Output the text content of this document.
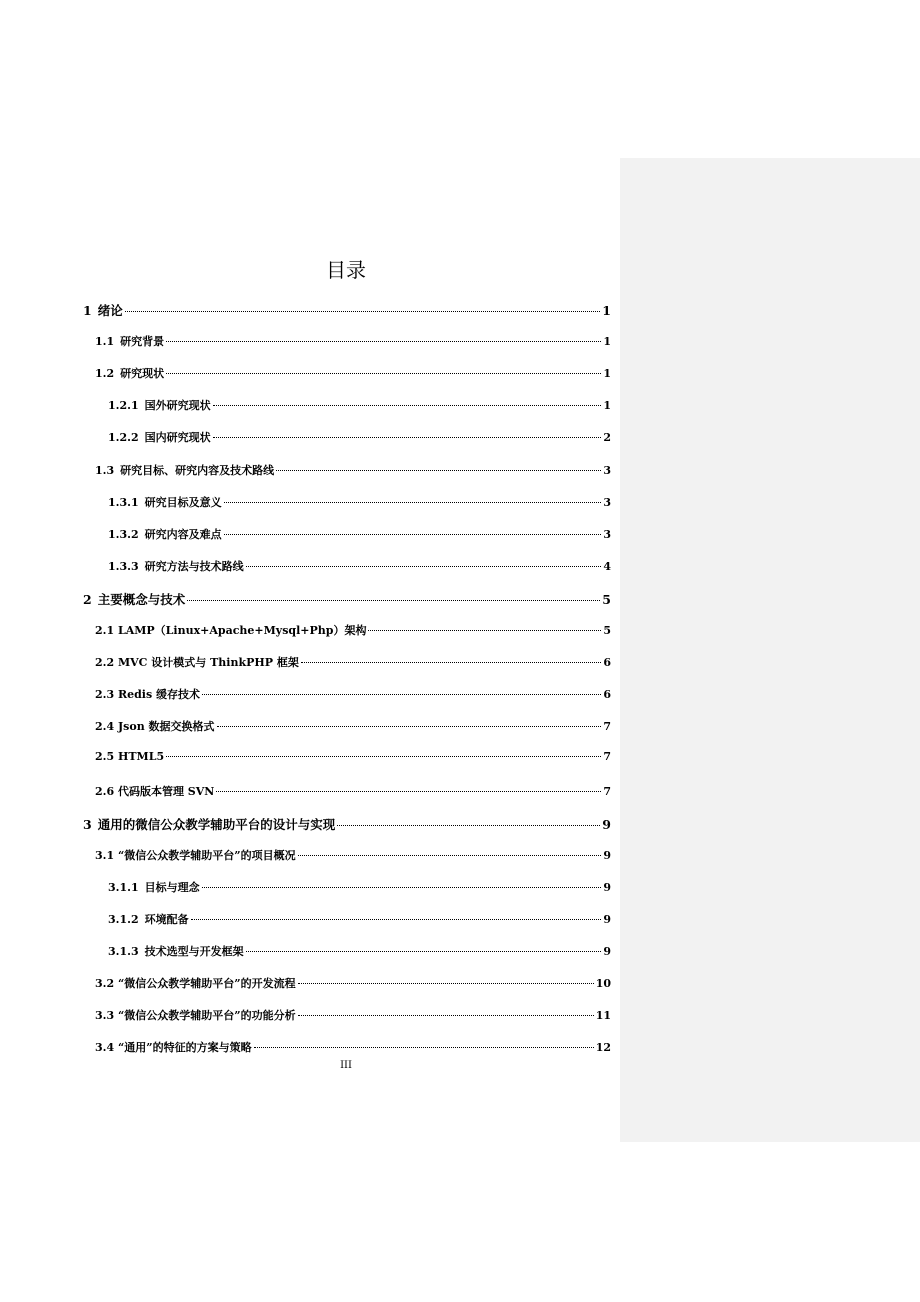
目录
1 绪论	1
1.1 研究背景	1
1.2 研究现状	1
1.2.1 国外研究现状	1
1.2.2 国内研究现状	2
1.3 研究目标、研究内容及技术路线	3
1.3.1 研究目标及意义	3
1.3.2 研究内容及难点	3
1.3.3 研究方法与技术路线	4
2 主要概念与技术	5
2.1 LAMP（Linux+Apache+Mysql+Php）架构	5
2.2 MVC 设计模式与 ThinkPHP 框架	6
2.3 Redis 缓存技术	6
2.4 Json 数据交换格式	7
2.5 HTML5	7
2.6 代码版本管理 SVN	7
3 通用的微信公众教学辅助平台的设计与实现	9
3.1 “微信公众教学辅助平台”的项目概况	9
3.1.1 目标与理念	9
3.1.2 环境配备	9
3.1.3 技术选型与开发框架	9
3.2 “微信公众教学辅助平台”的开发流程	10
3.3 “微信公众教学辅助平台”的功能分析	11
3.4 “通用”的特征的方案与策略	12
III
